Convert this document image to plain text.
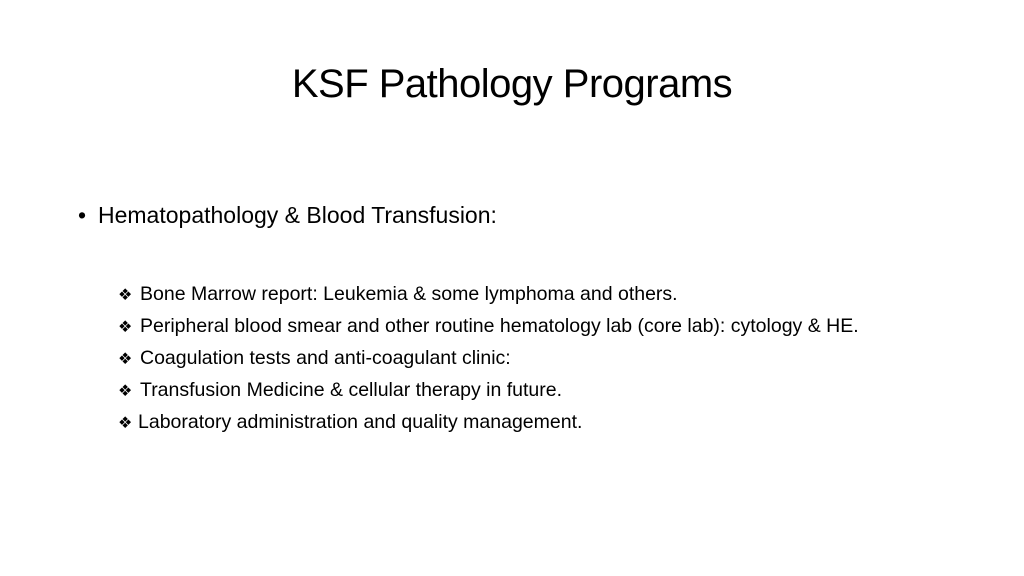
KSF Pathology Programs
• Hematopathology & Blood Transfusion:
❖ Bone Marrow report: Leukemia & some lymphoma and others.
❖ Peripheral blood smear and other routine hematology lab (core lab): cytology & HE.
❖ Coagulation tests and anti-coagulant clinic:
❖ Transfusion Medicine & cellular therapy in future.
❖ Laboratory administration and quality management.
